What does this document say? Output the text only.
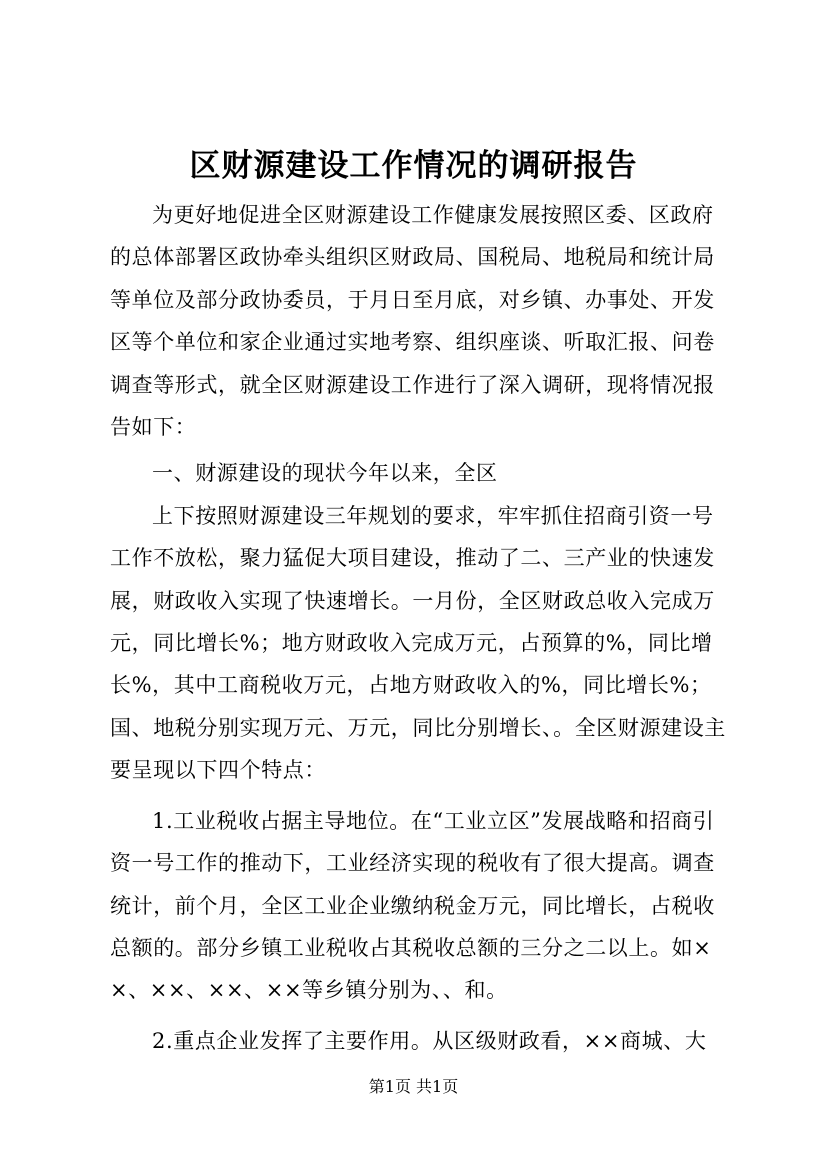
区财源建设工作情况的调研报告

为更好地促进全区财源建设工作健康发展按照区委、区政府的总体部署区政协牵头组织区财政局、国税局、地税局和统计局等单位及部分政协委员，于月日至月底，对乡镇、办事处、开发区等个单位和家企业通过实地考察、组织座谈、听取汇报、问卷调查等形式，就全区财源建设工作进行了深入调研，现将情况报告如下：

一、财源建设的现状今年以来，全区

上下按照财源建设三年规划的要求，牢牢抓住招商引资一号工作不放松，聚力猛促大项目建设，推动了二、三产业的快速发展，财政收入实现了快速增长。一月份，全区财政总收入完成万元，同比增长%；地方财政收入完成万元，占预算的%，同比增长%，其中工商税收万元，占地方财政收入的%，同比增长%；国、地税分别实现万元、万元，同比分别增长、。全区财源建设主要呈现以下四个特点：

1.工业税收占据主导地位。在“工业立区”发展战略和招商引资一号工作的推动下，工业经济实现的税收有了很大提高。调查统计，前个月，全区工业企业缴纳税金万元，同比增长，占税收总额的。部分乡镇工业税收占其税收总额的三分之二以上。如××、××、××、××等乡镇分别为、、和。

2.重点企业发挥了主要作用。从区级财政看，××商城、大

第1页 共1页
